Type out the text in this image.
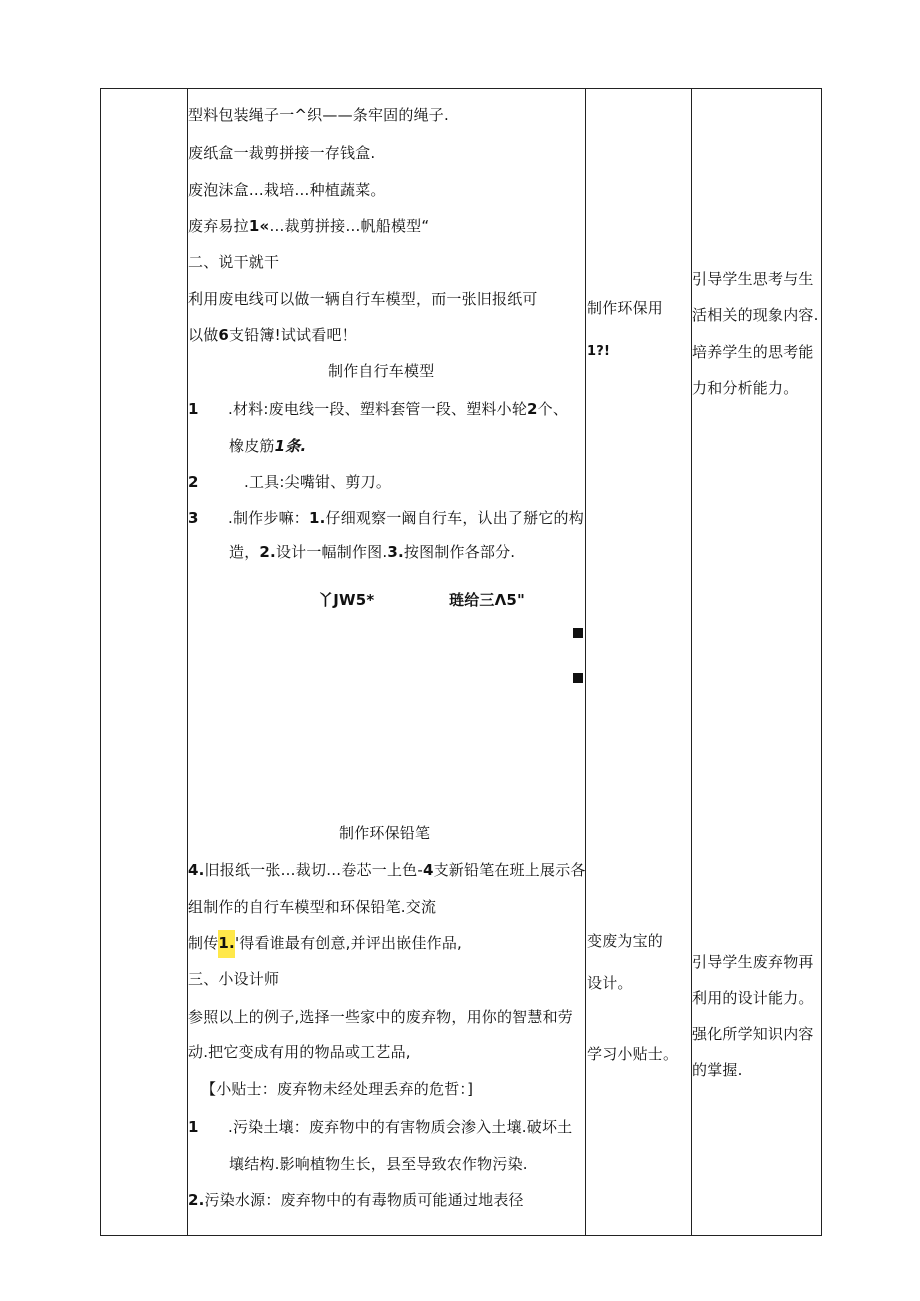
型料包装绳子一^织——条牢固的绳子.
废纸盒一裁剪拼接一存钱盒.
废泡沫盒…栽培…种植蔬菜。
废弃易拉1«…裁剪拼接…帆船模型“
二、说干就干
利用废电线可以做一辆自行车模型，而一张旧报纸可
以做6支铅簿!试试看吧！
制作自行车模型
1 .材料:废电线一段、塑料套管一段、塑料小轮2个、
橡皮筋1条.
2	.工具:尖嘴钳、剪刀。
3 .制作步嘛：1.仔细观察一阚自行车，认出了掰它的构
造，2.设计一幅制作图.3.按图制作各部分.
丫JW5*	琏给三Λ5"
制作环保铅笔
4.旧报纸一张…裁切…卷芯一上色-4支新铅笔在班上展示各
组制作的自行车模型和环保铅笔.交流
制传1.'得看谁最有创意,并评出嵌佳作品,
三、小设计师
参照以上的例子,选择一些家中的废弃物，用你的智慧和劳
动.把它变成有用的物品或工艺品,
【小贴士：废弃物未经处理丢弃的危哲：]
1 .污染土壤：废弃物中的有害物质会渗入土壤.破坏土
壤结构.影响植物生长，县至导致农作物污染.
2.污染水源：废弃物中的有毒物质可能通过地表径
制作环保用
1?!
变废为宝的
设计。
学习小贴士。
引导学生思考与生
活相关的现象内容.
培养学生的思考能
力和分析能力。
引导学生废弃物再
利用的设计能力。
强化所学知识内容
的掌握.
